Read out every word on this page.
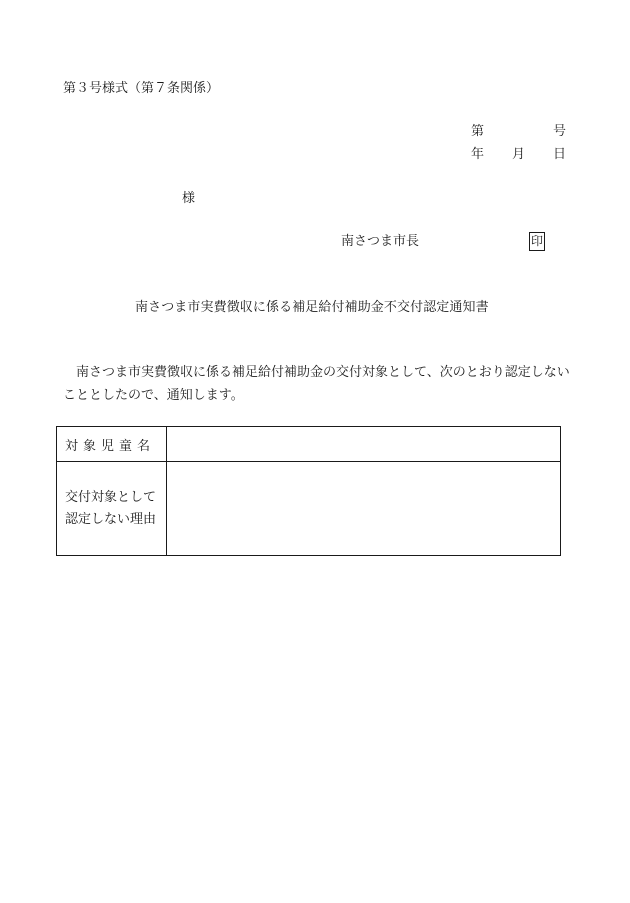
第３号様式（第７条関係）
第	号
年 月 日
様
南さつま市長	印
南さつま市実費徴収に係る補足給付補助金不交付認定通知書
南さつま市実費徴収に係る補足給付補助金の交付対象として、次のとおり認定しないこととしたので、通知します。
対象児童名	

交付対象として
認定しない理由	
